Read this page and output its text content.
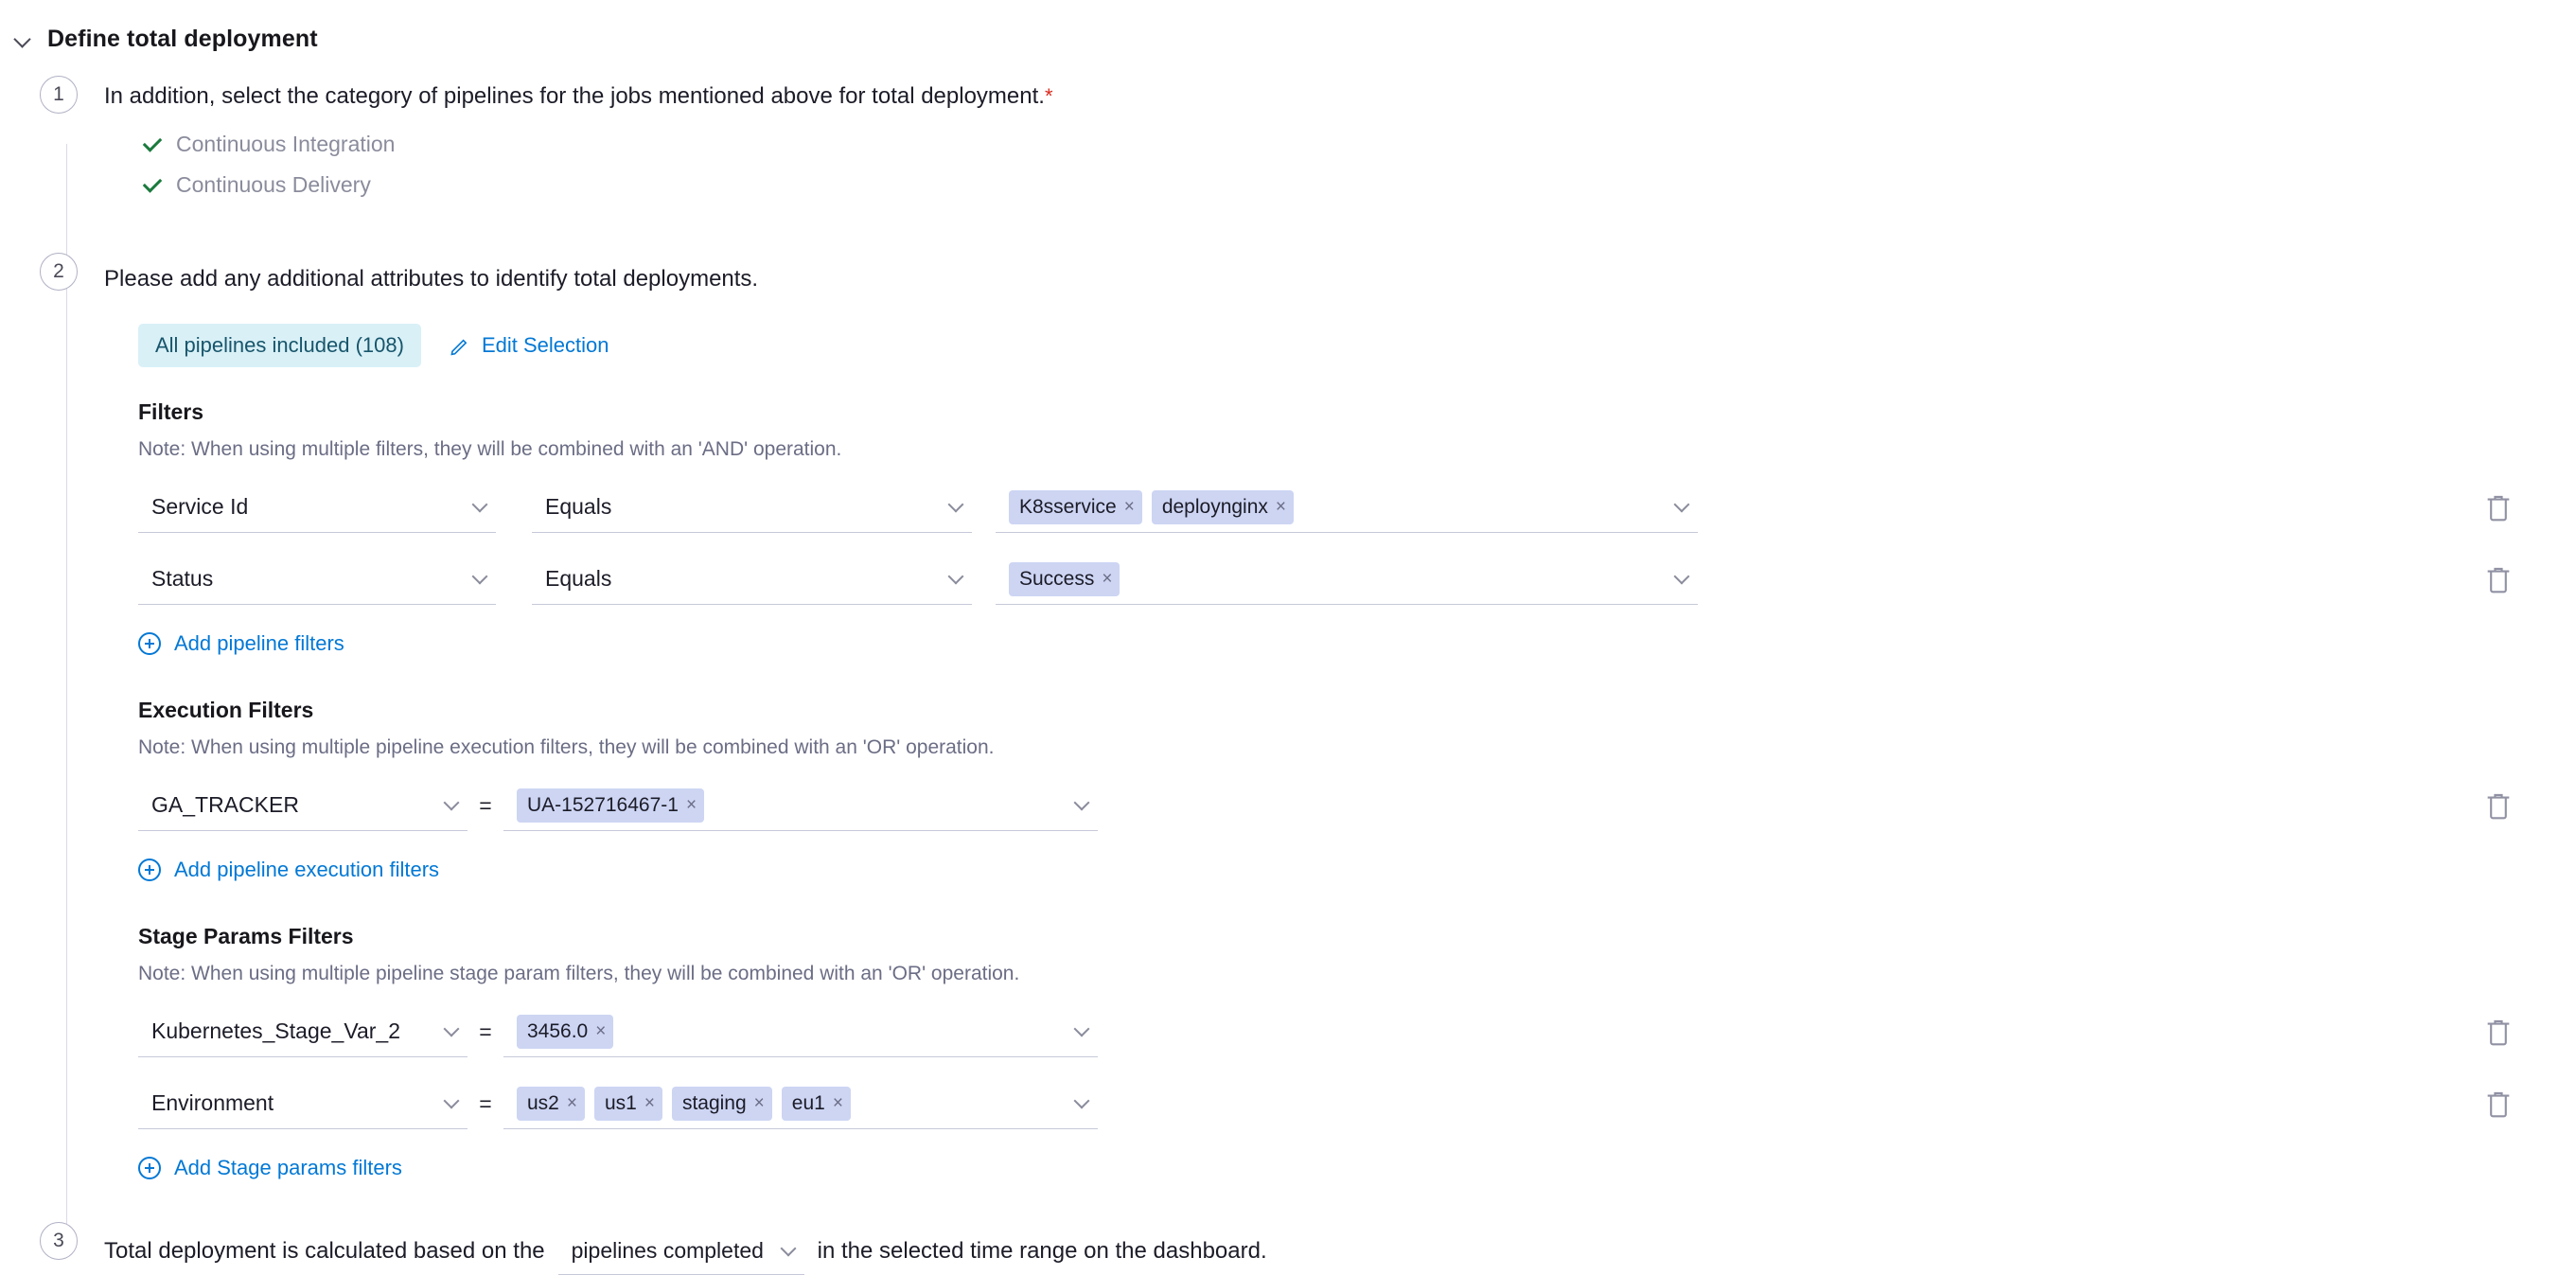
Define total deployment
1	In addition, select the category of pipelines for the jobs mentioned above for total deployment.*
Continuous Integration
Continuous Delivery
2	Please add any additional attributes to identify total deployments.
All pipelines included (108)	Edit Selection
Filters
Note: When using multiple filters, they will be combined with an 'AND' operation.
Service Id	Equals	K8sservice × deploynginx ×
Status	Equals	Success ×
Add pipeline filters
Execution Filters
Note: When using multiple pipeline execution filters, they will be combined with an 'OR' operation.
GA_TRACKER	= UA-152716467-1 ×
Add pipeline execution filters
Stage Params Filters
Note: When using multiple pipeline stage param filters, they will be combined with an 'OR' operation.
Kubernetes_Stage_Var_2	= 3456.0 ×
Environment	= us2 × us1 × staging × eu1 ×
Add Stage params filters
3	Total deployment is calculated based on the pipelines completed in the selected time range on the dashboard.
